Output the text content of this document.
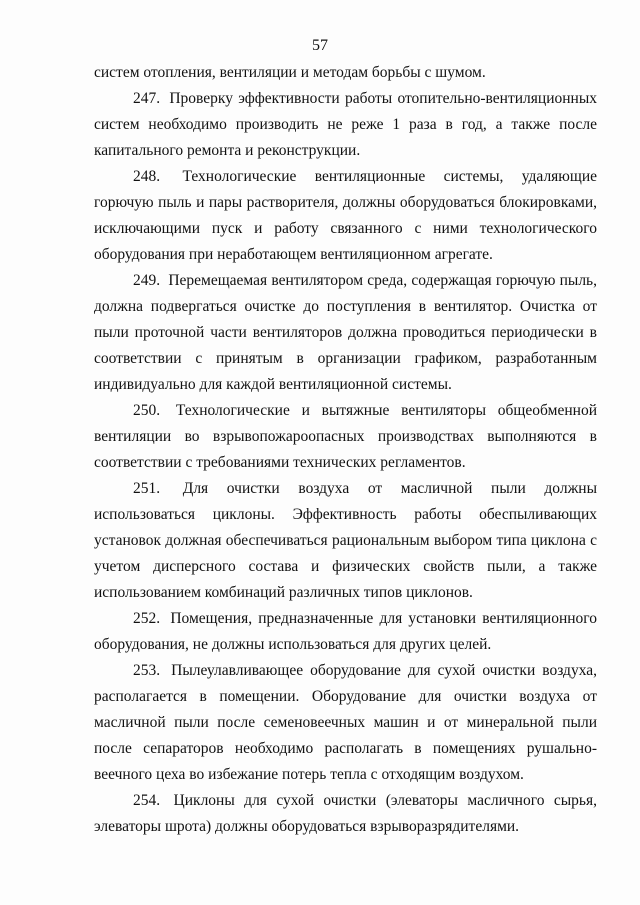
57

систем отопления, вентиляции и методам борьбы с шумом.

247. Проверку эффективности работы отопительно-вентиляционных систем необходимо производить не реже 1 раза в год, а также после капитального ремонта и реконструкции.

248. Технологические вентиляционные системы, удаляющие горючую пыль и пары растворителя, должны оборудоваться блокировками, исключающими пуск и работу связанного с ними технологического оборудования при неработающем вентиляционном агрегате.

249. Перемещаемая вентилятором среда, содержащая горючую пыль, должна подвергаться очистке до поступления в вентилятор. Очистка от пыли проточной части вентиляторов должна проводиться периодически в соответствии с принятым в организации графиком, разработанным индивидуально для каждой вентиляционной системы.

250. Технологические и вытяжные вентиляторы общеобменной вентиляции во взрывопожароопасных производствах выполняются в соответствии с требованиями технических регламентов.

251. Для очистки воздуха от масличной пыли должны использоваться циклоны. Эффективность работы обеспыливающих установок должная обеспечиваться рациональным выбором типа циклона с учетом дисперсного состава и физических свойств пыли, а также использованием комбинаций различных типов циклонов.

252. Помещения, предназначенные для установки вентиляционного оборудования, не должны использоваться для других целей.

253. Пылеулавливающее оборудование для сухой очистки воздуха, располагается в помещении. Оборудование для очистки воздуха от масличной пыли после семеновеечных машин и от минеральной пыли после сепараторов необходимо располагать в помещениях рушально-веечного цеха во избежание потерь тепла с отходящим воздухом.

254. Циклоны для сухой очистки (элеваторы масличного сырья, элеваторы шрота) должны оборудоваться взрыворазрядителями.
